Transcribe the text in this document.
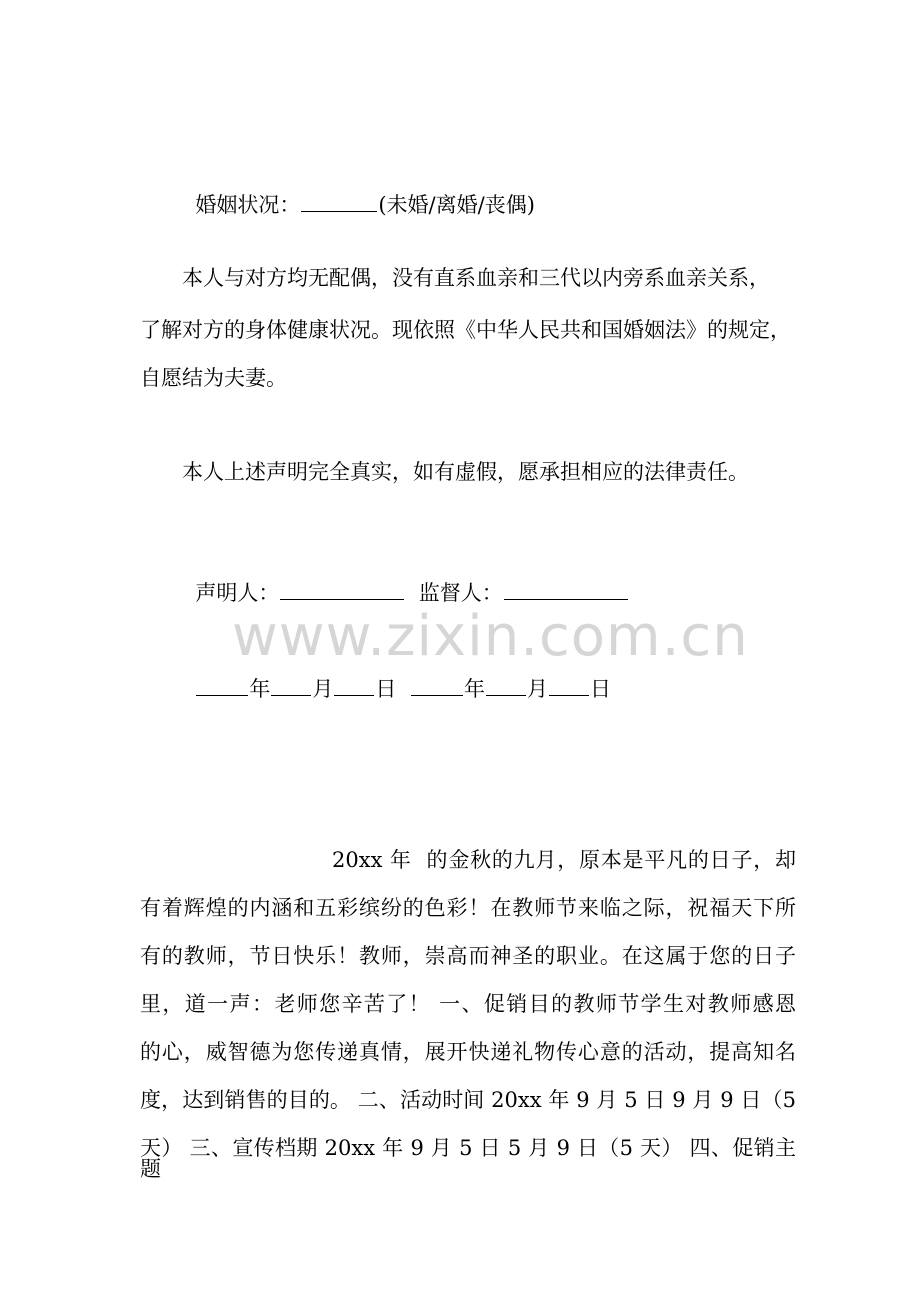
婚姻状况：	(未婚/离婚/丧偶)

本人与对方均无配偶，没有直系血亲和三代以内旁系血亲关系，
了解对方的身体健康状况。现依照《中华人民共和国婚姻法》的规定，
自愿结为夫妻。
本人上述声明完全真实，如有虚假，愿承担相应的法律责任。

声明人：	监督人：

www.zixin.com.cn

年 月 日	年 月 日

20xx 年  的金秋的九月，原本是平凡的日子，却
有着辉煌的内涵和五彩缤纷的色彩！在教师节来临之际，祝福天下所
有的教师，节日快乐！教师，崇高而神圣的职业。在这属于您的日子
里，道一声：老师您辛苦了！ 一、促销目的教师节学生对教师感恩
的心，威智德为您传递真情，展开快递礼物传心意的活动，提高知名
度，达到销售的目的。 二、活动时间 20xx 年 9 月 5 日 9 月 9 日（5
天） 三、宣传档期 20xx 年 9 月 5 日 5 月 9 日（5 天） 四、促销主题
